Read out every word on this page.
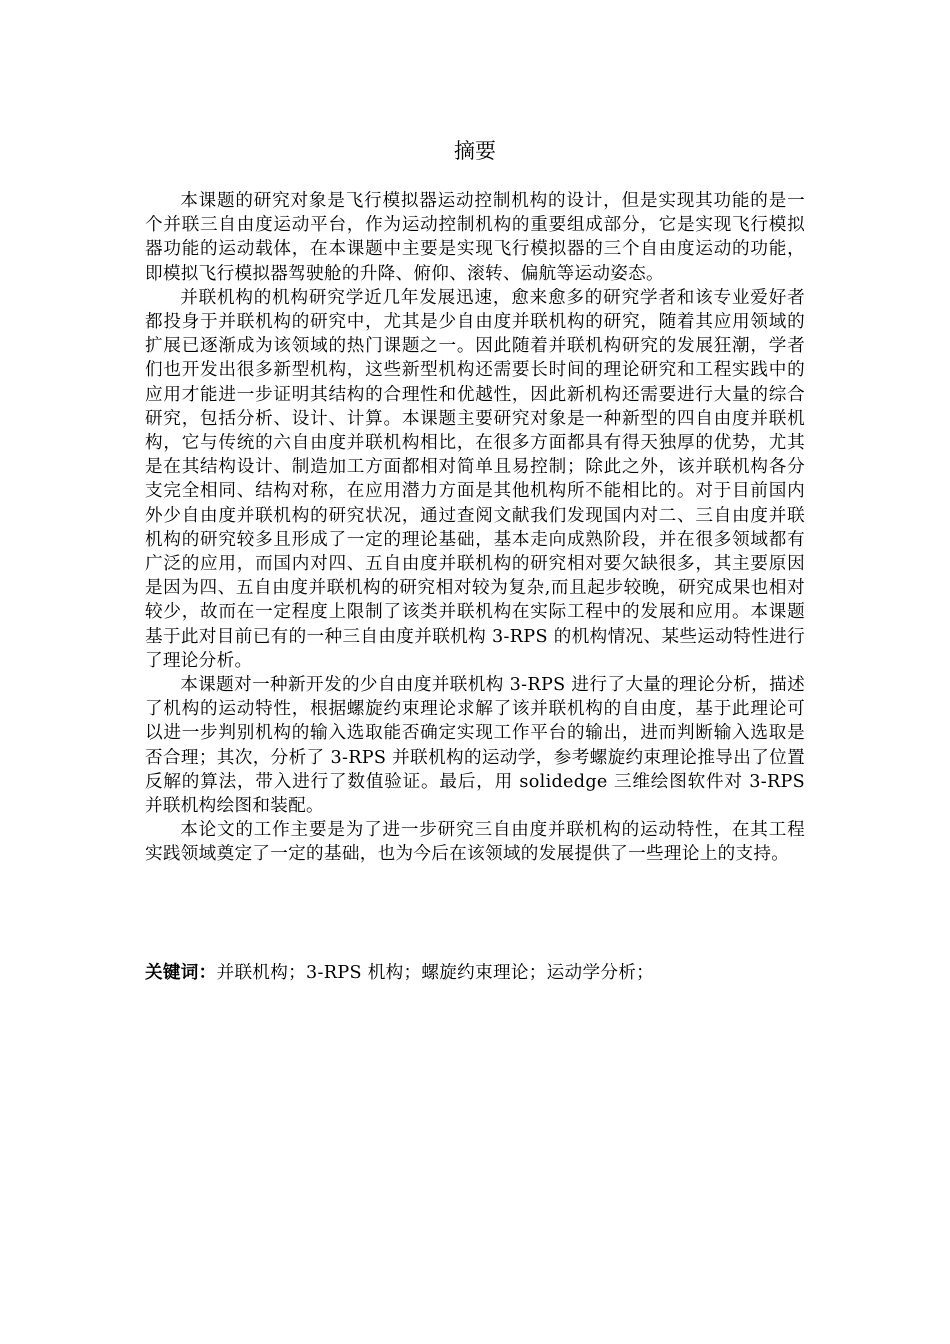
摘要

本课题的研究对象是飞行模拟器运动控制机构的设计，但是实现其功能的是一个并联三自由度运动平台，作为运动控制机构的重要组成部分，它是实现飞行模拟器功能的运动载体，在本课题中主要是实现飞行模拟器的三个自由度运动的功能，即模拟飞行模拟器驾驶舱的升降、俯仰、滚转、偏航等运动姿态。

并联机构的机构研究学近几年发展迅速，愈来愈多的研究学者和该专业爱好者都投身于并联机构的研究中，尤其是少自由度并联机构的研究，随着其应用领域的扩展已逐渐成为该领域的热门课题之一。因此随着并联机构研究的发展狂潮，学者们也开发出很多新型机构，这些新型机构还需要长时间的理论研究和工程实践中的应用才能进一步证明其结构的合理性和优越性，因此新机构还需要进行大量的综合研究，包括分析、设计、计算。本课题主要研究对象是一种新型的四自由度并联机构，它与传统的六自由度并联机构相比，在很多方面都具有得天独厚的优势，尤其是在其结构设计、制造加工方面都相对简单且易控制；除此之外，该并联机构各分支完全相同、结构对称，在应用潜力方面是其他机构所不能相比的。对于目前国内外少自由度并联机构的研究状况，通过查阅文献我们发现国内对二、三自由度并联机构的研究较多且形成了一定的理论基础，基本走向成熟阶段，并在很多领域都有广泛的应用，而国内对四、五自由度并联机构的研究相对要欠缺很多，其主要原因是因为四、五自由度并联机构的研究相对较为复杂,而且起步较晚，研究成果也相对较少，故而在一定程度上限制了该类并联机构在实际工程中的发展和应用。本课题基于此对目前已有的一种三自由度并联机构 3-RPS 的机构情况、某些运动特性进行了理论分析。

本课题对一种新开发的少自由度并联机构 3-RPS 进行了大量的理论分析，描述了机构的运动特性，根据螺旋约束理论求解了该并联机构的自由度，基于此理论可以进一步判别机构的输入选取能否确定实现工作平台的输出，进而判断输入选取是否合理；其次，分析了 3-RPS 并联机构的运动学，参考螺旋约束理论推导出了位置反解的算法，带入进行了数值验证。最后，用 solidedge 三维绘图软件对 3-RPS 并联机构绘图和装配。

本论文的工作主要是为了进一步研究三自由度并联机构的运动特性，在其工程实践领域奠定了一定的基础，也为今后在该领域的发展提供了一些理论上的支持。

关键词：并联机构；3-RPS 机构；螺旋约束理论；运动学分析；
